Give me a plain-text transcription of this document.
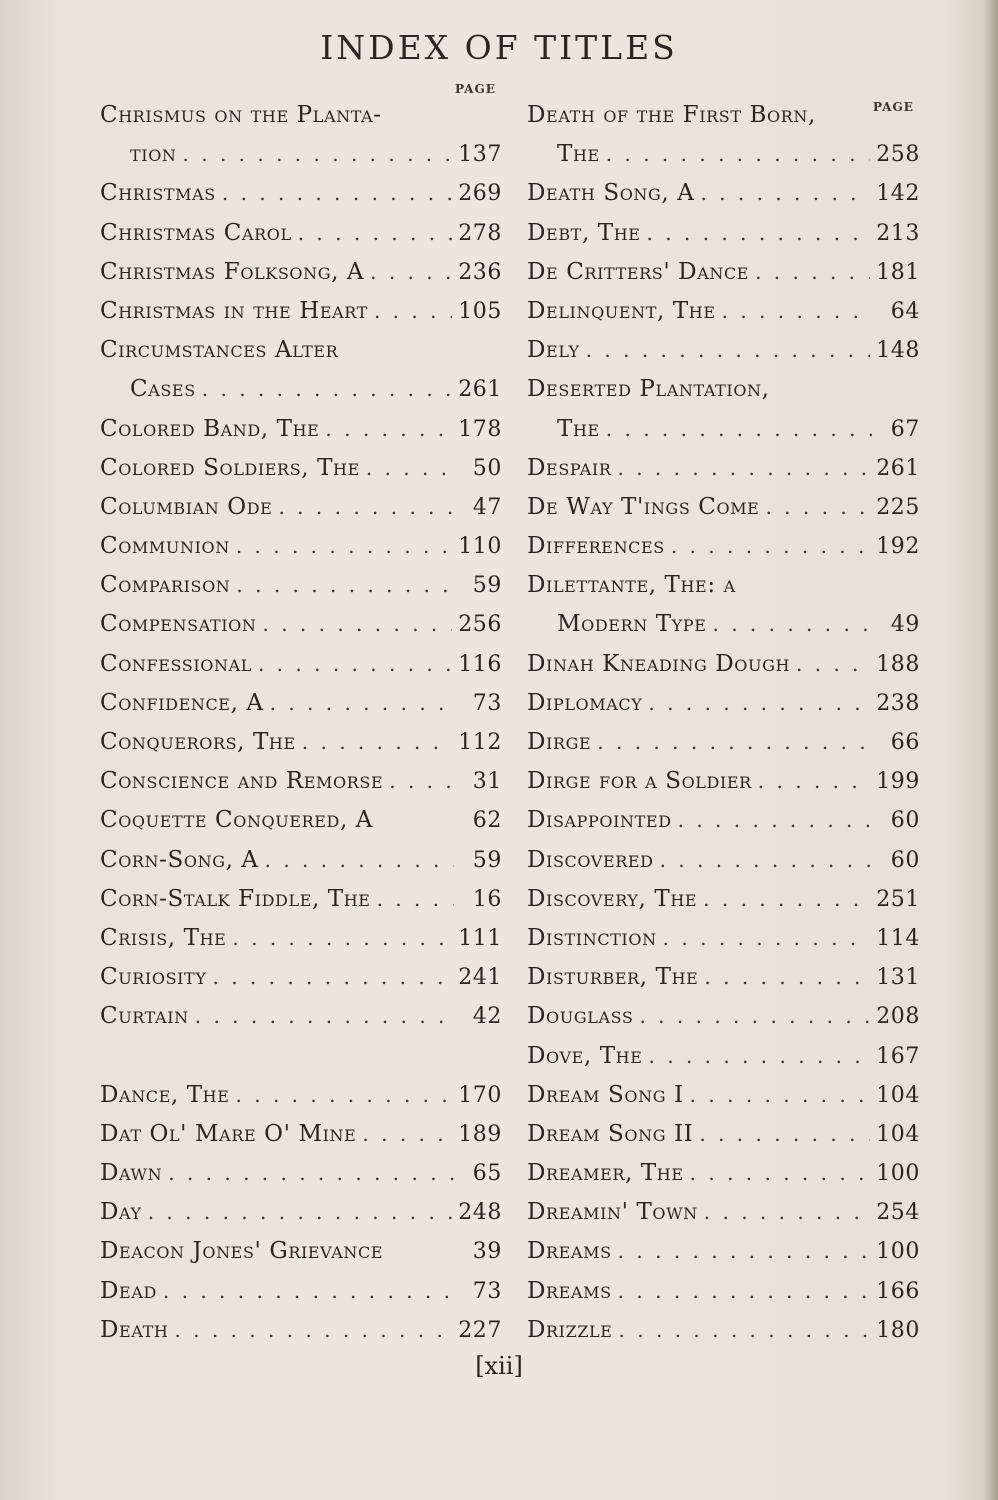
INDEX OF TITLES
PAGE
PAGE
Chrismus on the Planta-
tion . . .	137
Christmas . . .	269
Christmas Carol . . .	278
Christmas Folksong, A . . .	236
Christmas in the Heart . . .	105
Circumstances Alter
Cases . . .	261
Colored Band, The . . .	178
Colored Soldiers, The . . .	50
Columbian Ode . . .	47
Communion . . .	110
Comparison . . .	59
Compensation . . .	256
Confessional . . .	116
Confidence, A . . .	73
Conquerors, The . . .	112
Conscience and Remorse . . .	31
Coquette Conquered, A	62
Corn-Song, A . . .	59
Corn-Stalk Fiddle, The . . .	16
Crisis, The . . .	111
Curiosity . . .	241
Curtain . . .	42
Dance, The . . .	170
Dat Ol' Mare O' Mine . . .	189
Dawn . . .	65
Day . . .	248
Deacon Jones' Grievance	39
Dead . . .	73
Death . . .	227
Death of the First Born,
The . . .	258
Death Song, A . . .	142
Debt, The . . .	213
De Critters' Dance . . .	181
Delinquent, The . . .	64
Dely . . .	148
Deserted Plantation,
The . . .	67
Despair . . .	261
De Way T'ings Come . . .	225
Differences . . .	192
Dilettante, The: a
Modern Type . . .	49
Dinah Kneading Dough . . .	188
Diplomacy . . .	238
Dirge . . .	66
Dirge for a Soldier . . .	199
Disappointed . . .	60
Discovered . . .	60
Discovery, The . . .	251
Distinction . . .	114
Disturber, The . . .	131
Douglass . . .	208
Dove, The . . .	167
Dream Song I . . .	104
Dream Song II . . .	104
Dreamer, The . . .	100
Dreamin' Town . . .	254
Dreams . . .	100
Dreams . . .	166
Drizzle . . .	180
[xii]
